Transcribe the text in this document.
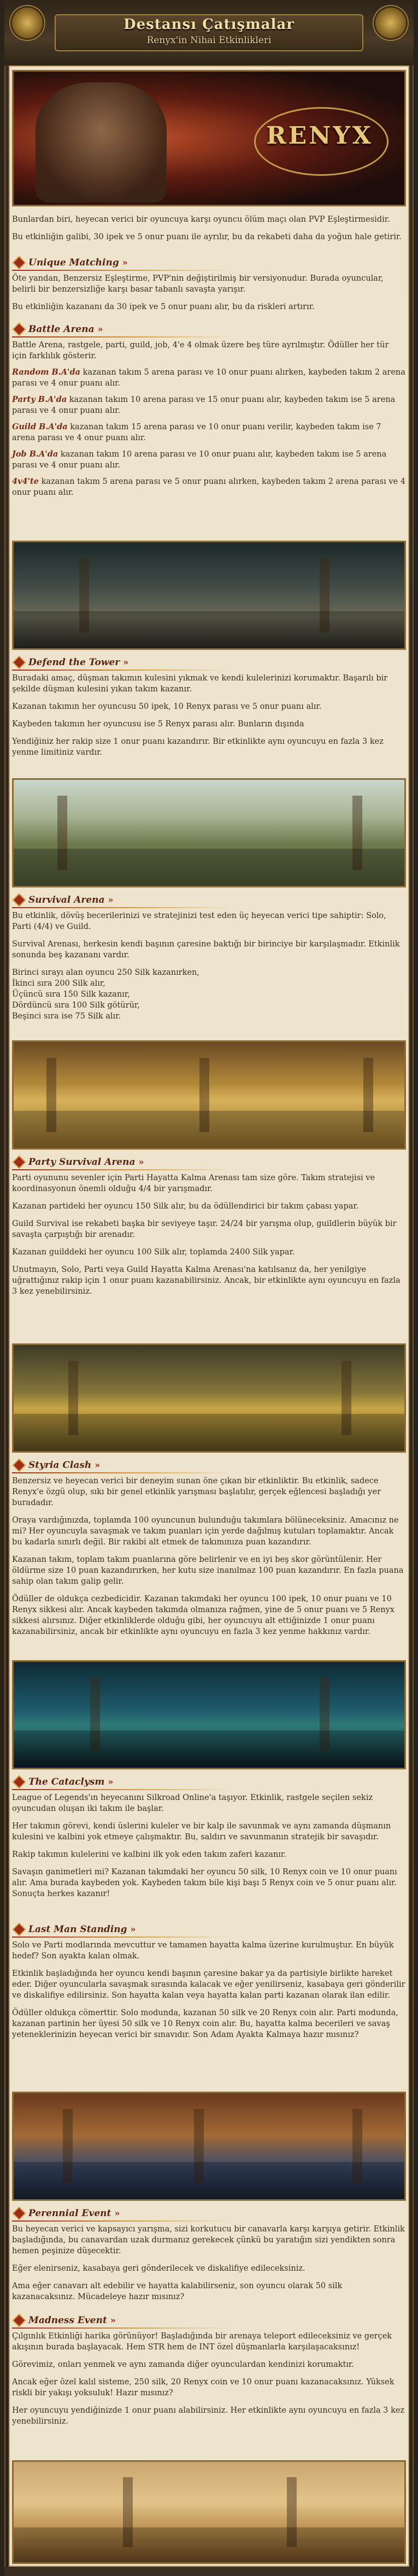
Destansı Çatışmalar
Renyx'in Nihai Etkinlikleri
RENYX

Bunlardan biri, heyecan verici bir oyuncuya karşı oyuncu ölüm maçı olan PVP Eşleştirmesidir.

Bu etkinliğin galibi, 30 ipek ve 5 onur puanı ile ayrılır, bu da rekabeti daha da yoğun hale getirir.

Unique Matching »

Öte yandan, Benzersiz Eşleştirme, PVP'nin değiştirilmiş bir versiyonudur. Burada oyuncular, belirli bir benzersizliğe karşı basar tabanlı savaşta yarışır.

Bu etkinliğin kazananı da 30 ipek ve 5 onur puanı alır, bu da riskleri artırır.

Battle Arena »

Battle Arena, rastgele, parti, guild, job, 4'e 4 olmak üzere beş türe ayrılmıştır. Ödüller her tür için farklılık gösterir.

Random B.A'da kazanan takım 5 arena parası ve 10 onur puanı alırken, kaybeden takım 2 arena parası ve 4 onur puanı alır.

Party B.A'da kazanan takım 10 arena parası ve 15 onur puanı alır, kaybeden takım ise 5 arena parası ve 4 onur puanı alır.

Guild B.A'da kazanan takım 15 arena parası ve 10 onur puanı verilir, kaybeden takım ise 7 arena parası ve 4 onur puanı alır.

Job B.A'da kazanan takım 10 arena parası ve 10 onur puanı alır, kaybeden takım ise 5 arena parası ve 4 onur puanı alır.

4v4'te kazanan takım 5 arena parası ve 5 onur puanı alırken, kaybeden takım 2 arena parası ve 4 onur puanı alır.

Defend the Tower »

Buradaki amaç, düşman takımın kulesini yıkmak ve kendi kulelerinizi korumaktır. Başarılı bir şekilde düşman kulesini yıkan takım kazanır.

Kazanan takımın her oyuncusu 50 ipek, 10 Renyx parası ve 5 onur puanı alır.

Kaybeden takımın her oyuncusu ise 5 Renyx parası alır. Bunların dışında

Yendiğiniz her rakip size 1 onur puanı kazandırır. Bir etkinlikte aynı oyuncuyu en fazla 3 kez yenme limitiniz vardır.

Survival Arena »

Bu etkinlik, dövüş becerilerinizi ve stratejinizi test eden üç heyecan verici tipe sahiptir: Solo, Parti (4/4) ve Guild.

Survival Arenası, herkesin kendi başının çaresine baktığı bir birinciye bir karşılaşmadır. Etkinlik sonunda beş kazananı vardır.

Birinci sırayı alan oyuncu 250 Silk kazanırken,
İkinci sıra 200 Silk alır,
Üçüncü sıra 150 Silk kazanır,
Dördüncü sıra 100 Silk götürür,
Beşinci sıra ise 75 Silk alır.

Party Survival Arena »

Parti oyununu sevenler için Parti Hayatta Kalma Arenası tam size göre. Takım stratejisi ve koordinasyonun önemli olduğu 4/4 bir yarışmadır.

Kazanan partideki her oyuncu 150 Silk alır, bu da ödüllendirici bir takım çabası yapar.

Guild Survival ise rekabeti başka bir seviyeye taşır. 24/24 bir yarışma olup, guildlerin büyük bir savaşta çarpıştığı bir arenadır.

Kazanan guilddeki her oyuncu 100 Silk alır, toplamda 2400 Silk yapar.

Unutmayın, Solo, Parti veya Guild Hayatta Kalma Arenası'na katılsanız da, her yenilgiye uğrattığınız rakip için 1 onur puanı kazanabilirsiniz. Ancak, bir etkinlikte aynı oyuncuyu en fazla 3 kez yenebilirsiniz.

Styria Clash »

Benzersiz ve heyecan verici bir deneyim sunan öne çıkan bir etkinliktir. Bu etkinlik, sadece Renyx'e özgü olup, sıkı bir genel etkinlik yarışması başlatılır, gerçek eğlencesi başladığı yer buradadır.

Oraya vardığınızda, toplamda 100 oyuncunun bulunduğu takımlara bölüneceksiniz. Amacınız ne mi? Her oyuncuyla savaşmak ve takım puanları için yerde dağılmış kutuları toplamaktır. Ancak bu kadarla sınırlı değil. Bir rakibi alt etmek de takımınıza puan kazandırır.

Kazanan takım, toplam takım puanlarına göre belirlenir ve en iyi beş skor görüntülenir. Her öldürme size 10 puan kazandırırken, her kutu size inanılmaz 100 puan kazandırır. En fazla puana sahip olan takım galip gelir.

Ödüller de oldukça cezbedicidir. Kazanan takımdaki her oyuncu 100 ipek, 10 onur puanı ve 10 Renyx sikkesi alır. Ancak kaybeden takımda olmanıza rağmen, yine de 5 onur puanı ve 5 Renyx sikkesi alırsınız. Diğer etkinliklerde olduğu gibi, her oyuncuyu alt ettiğinizde 1 onur puanı kazanabilirsiniz, ancak bir etkinlikte aynı oyuncuyu en fazla 3 kez yenme hakkınız vardır.

The Cataclysm »

League of Legends'ın heyecanını Silkroad Online'a taşıyor. Etkinlik, rastgele seçilen sekiz oyuncudan oluşan iki takım ile başlar.

Her takımın görevi, kendi üslerini kuleler ve bir kalp ile savunmak ve aynı zamanda düşmanın kulesini ve kalbini yok etmeye çalışmaktır. Bu, saldırı ve savunmanın stratejik bir savaşıdır.

Rakip takımın kulelerini ve kalbini ilk yok eden takım zaferi kazanır.

Savaşın ganimetleri mi? Kazanan takımdaki her oyuncu 50 silk, 10 Renyx coin ve 10 onur puanı alır. Ama burada kaybeden yok. Kaybeden takım bile kişi başı 5 Renyx coin ve 5 onur puanı alır. Sonuçta herkes kazanır!

Last Man Standing »

Solo ve Parti modlarında mevcuttur ve tamamen hayatta kalma üzerine kurulmuştur. En büyük hedef? Son ayakta kalan olmak.

Etkinlik başladığında her oyuncu kendi başının çaresine bakar ya da partisiyle birlikte hareket eder. Diğer oyuncularla savaşmak sırasında kalacak ve eğer yenilirseniz, kasabaya geri gönderilir ve diskalifiye edilirsiniz. Son hayatta kalan veya hayatta kalan parti kazanan olarak ilan edilir.

Ödüller oldukça cömerttir. Solo modunda, kazanan 50 silk ve 20 Renyx coin alır. Parti modunda, kazanan partinin her üyesi 50 silk ve 10 Renyx coin alır. Bu, hayatta kalma becerileri ve savaş yeteneklerinizin heyecan verici bir sınavıdır. Son Adam Ayakta Kalmaya hazır mısınız?

Perennial Event »

Bu heyecan verici ve kapsayıcı yarışma, sizi korkutucu bir canavarla karşı karşıya getirir. Etkinlik başladığında, bu canavardan uzak durmanız gerekecek çünkü bu yaratığın sizi yendikten sonra hemen peşinize düşecektir.

Eğer elenirseniz, kasabaya geri gönderilecek ve diskalifiye edileceksiniz.

Ama eğer canavarı alt edebilir ve hayatta kalabilirseniz, son oyuncu olarak 50 silk kazanacaksınız. Mücadeleye hazır mısınız?

Madness Event »

Çılgınlık Etkinliği harika görünüyor! Başladığında bir arenaya teleport edileceksiniz ve gerçek akışının burada başlayacak. Hem STR hem de INT özel düşmanlarla karşılaşacaksınız!

Görevimiz, onları yenmek ve aynı zamanda diğer oyunculardan kendinizi korumaktır.

Ancak eğer özel kalıl sisteme, 250 silk, 20 Renyx coin ve 10 onur puanı kazanacaksınız. Yüksek riskli bir yakışı yoksuluk! Hazır mısınız?

Her oyuncuyu yendiğinizde 1 onur puanı alabilirsiniz. Her etkinlikte aynı oyuncuyu en fazla 3 kez yenebilirsiniz.
